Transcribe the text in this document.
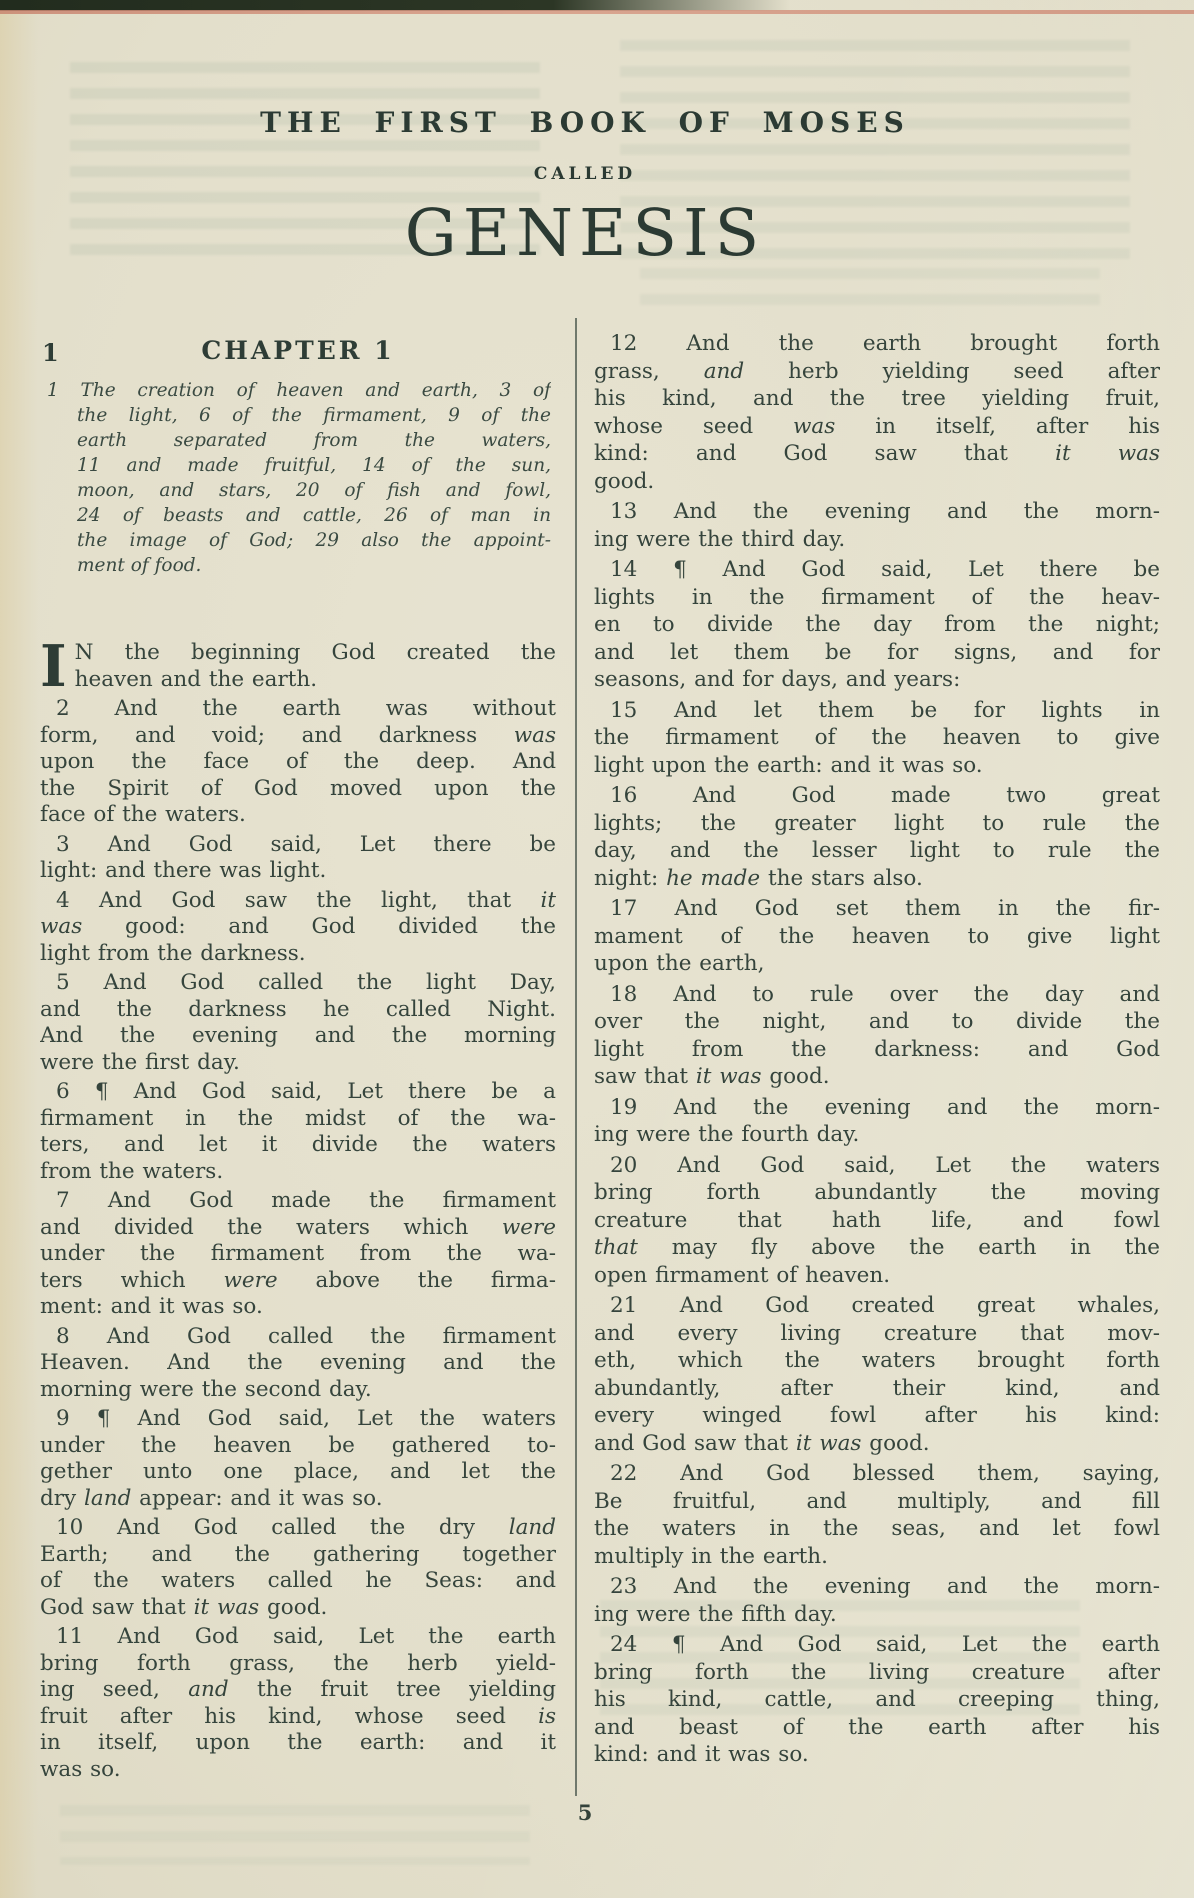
THE FIRST BOOK OF MOSES
CALLED
GENESIS
1	CHAPTER 1
1 The creation of heaven and earth, 3 of
the light, 6 of the firmament, 9 of the
earth separated from the waters,
11 and made fruitful, 14 of the sun,
moon, and stars, 20 of fish and fowl,
24 of beasts and cattle, 26 of man in
the image of God; 29 also the appoint-
ment of food.

I N the beginning God created the
heaven and the earth.

2 And the earth was without
form, and void; and darkness was
upon the face of the deep. And
the Spirit of God moved upon the
face of the waters.

3 And God said, Let there be
light: and there was light.

4 And God saw the light, that it
was good: and God divided the
light from the darkness.

5 And God called the light Day,
and the darkness he called Night.
And the evening and the morning
were the first day.

6 ¶ And God said, Let there be a
firmament in the midst of the wa-
ters, and let it divide the waters
from the waters.

7 And God made the firmament
and divided the waters which were
under the firmament from the wa-
ters which were above the firma-
ment: and it was so.

8 And God called the firmament
Heaven. And the evening and the
morning were the second day.

9 ¶ And God said, Let the waters
under the heaven be gathered to-
gether unto one place, and let the
dry land appear: and it was so.

10 And God called the dry land
Earth; and the gathering together
of the waters called he Seas: and
God saw that it was good.

11 And God said, Let the earth
bring forth grass, the herb yield-
ing seed, and the fruit tree yielding
fruit after his kind, whose seed is
in itself, upon the earth: and it
was so.

12 And the earth brought forth
grass, and herb yielding seed after
his kind, and the tree yielding fruit,
whose seed was in itself, after his
kind: and God saw that it was
good.

13 And the evening and the morn-
ing were the third day.

14 ¶ And God said, Let there be
lights in the firmament of the heav-
en to divide the day from the night;
and let them be for signs, and for
seasons, and for days, and years:

15 And let them be for lights in
the firmament of the heaven to give
light upon the earth: and it was so.

16 And God made two great
lights; the greater light to rule the
day, and the lesser light to rule the
night: he made the stars also.

17 And God set them in the fir-
mament of the heaven to give light
upon the earth,

18 And to rule over the day and
over the night, and to divide the
light from the darkness: and God
saw that it was good.

19 And the evening and the morn-
ing were the fourth day.

20 And God said, Let the waters
bring forth abundantly the moving
creature that hath life, and fowl
that may fly above the earth in the
open firmament of heaven.

21 And God created great whales,
and every living creature that mov-
eth, which the waters brought forth
abundantly, after their kind, and
every winged fowl after his kind:
and God saw that it was good.

22 And God blessed them, saying,
Be fruitful, and multiply, and fill
the waters in the seas, and let fowl
multiply in the earth.

23 And the evening and the morn-
ing were the fifth day.

24 ¶ And God said, Let the earth
bring forth the living creature after
his kind, cattle, and creeping thing,
and beast of the earth after his
kind: and it was so.

5
